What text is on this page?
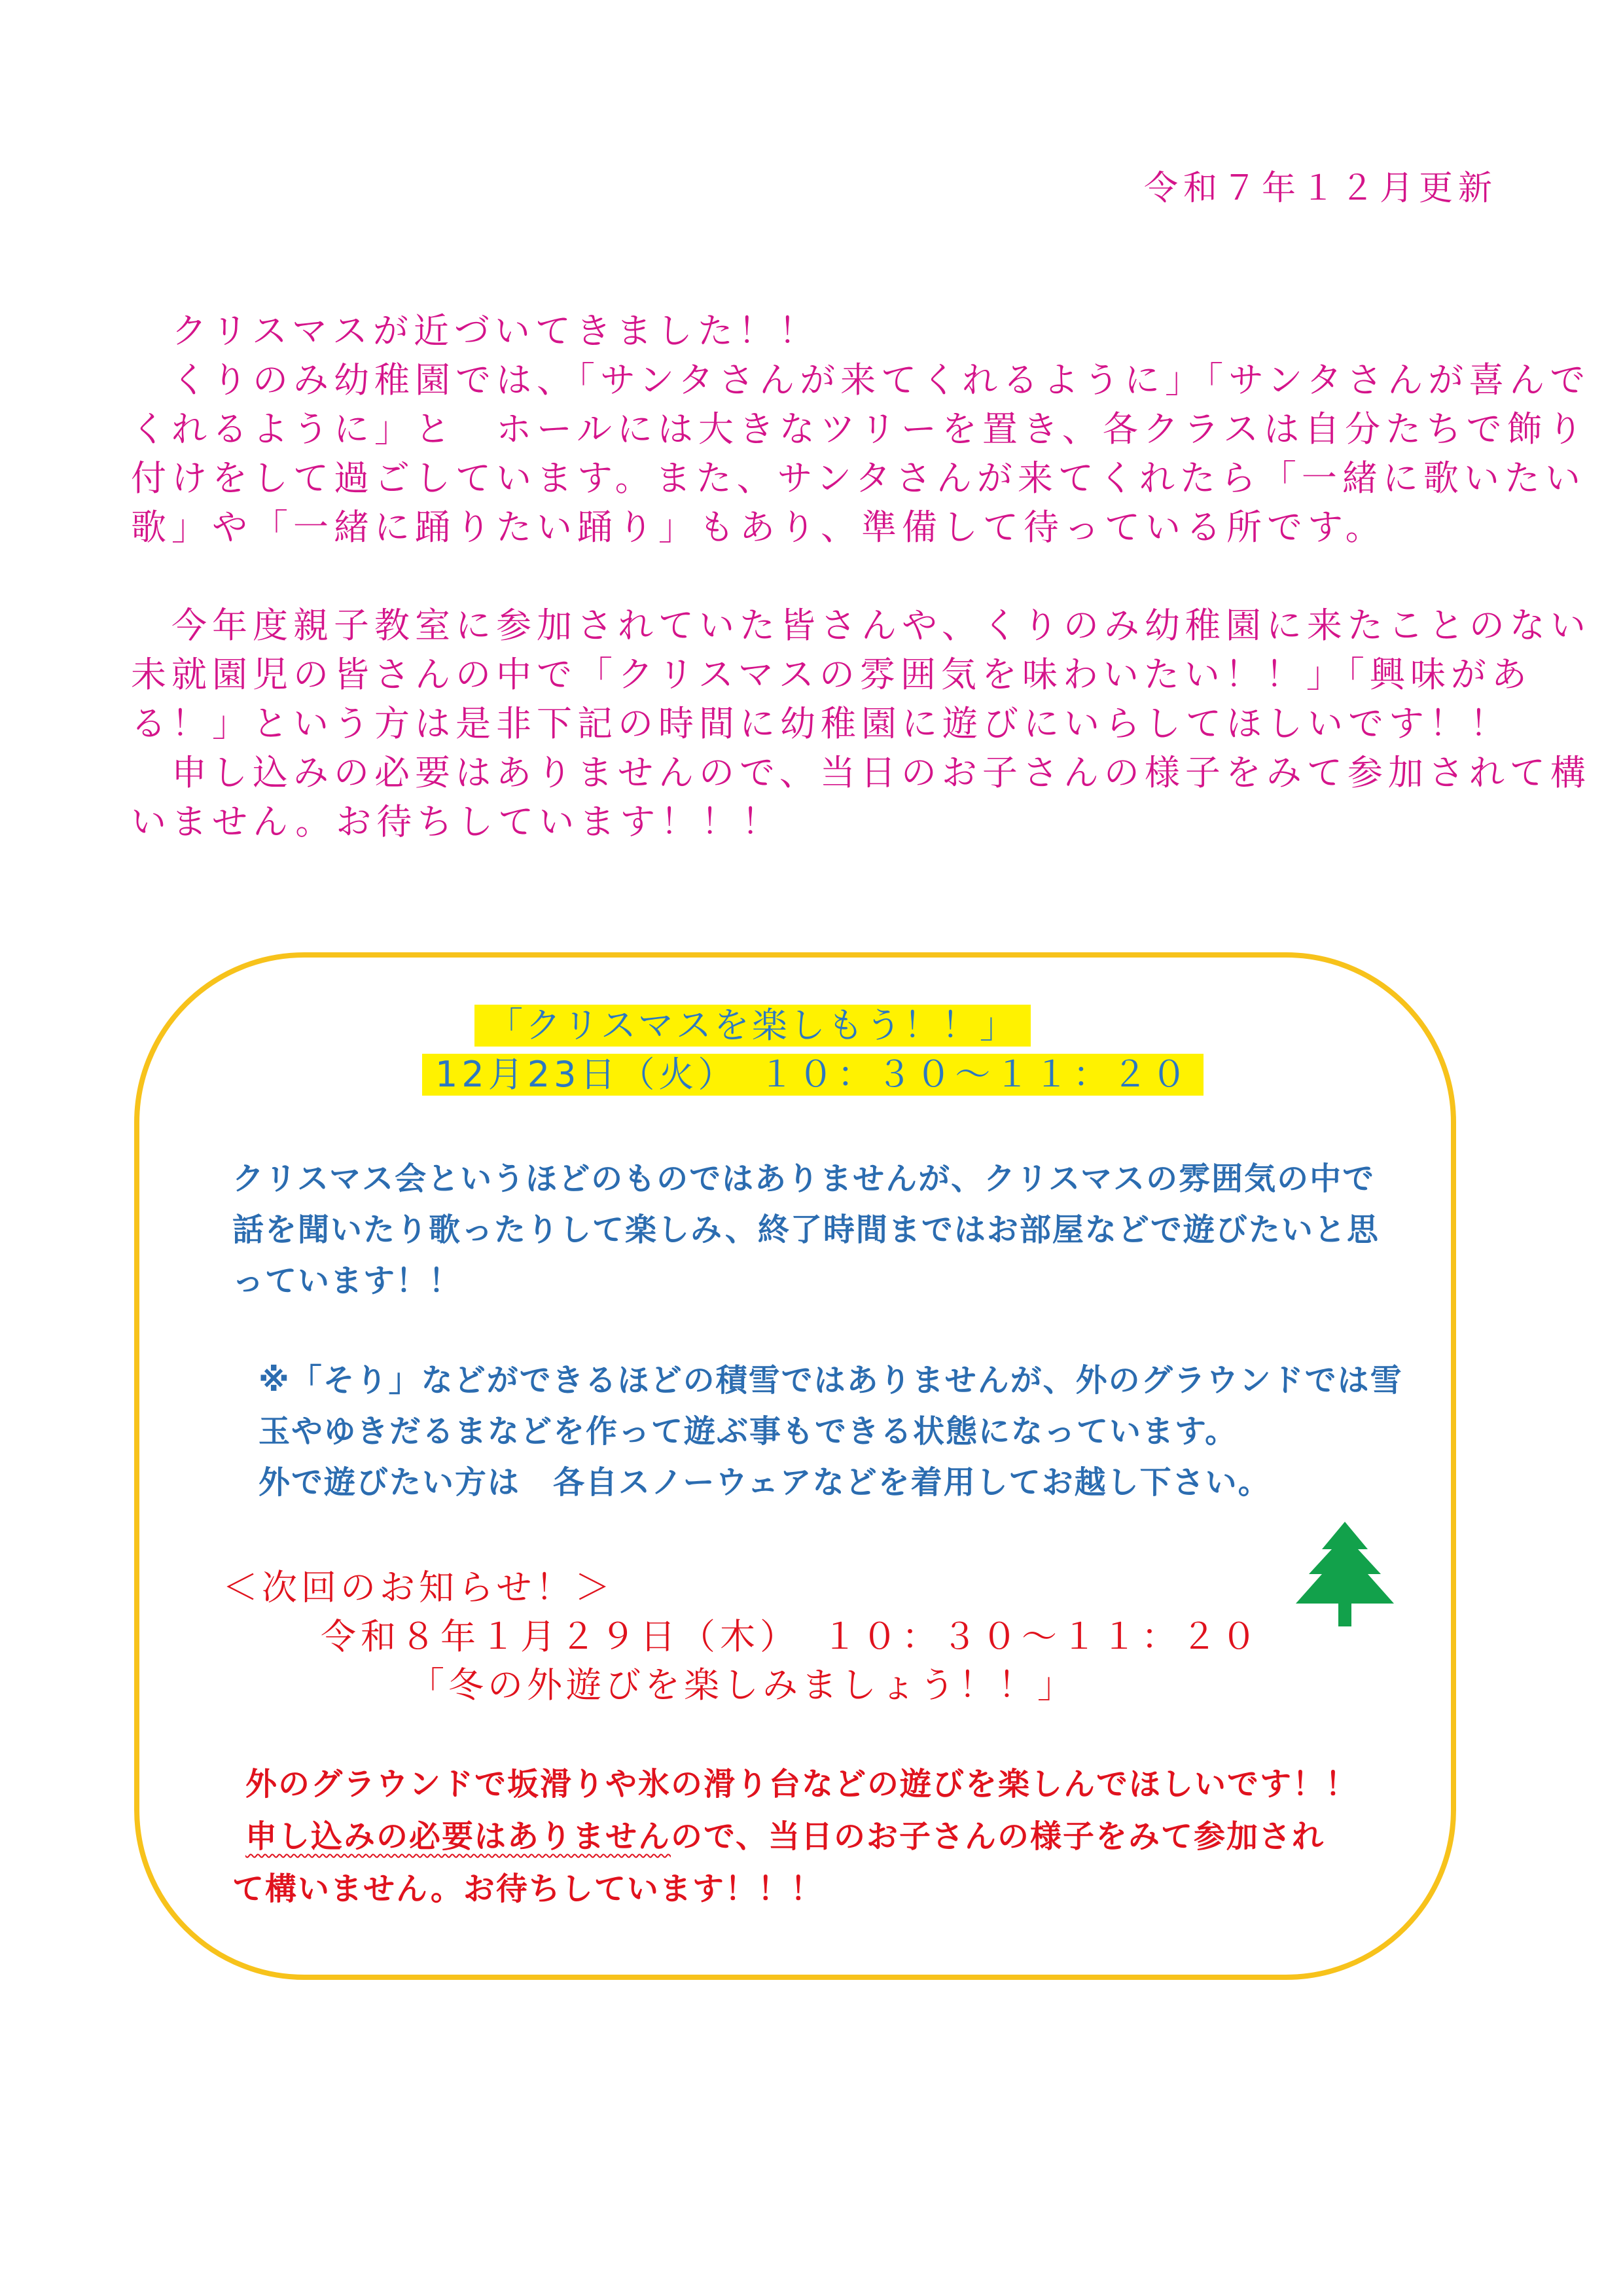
令和７年１２月更新

　クリスマスが近づいてきました！！

　くりのみ幼稚園では、「サンタさんが来てくれるように」「サンタさんが喜んで

くれるように」と　ホールには大きなツリーを置き、各クラスは自分たちで飾り

付けをして過ごしています。また、サンタさんが来てくれたら「一緒に歌いたい

歌」や「一緒に踊りたい踊り」もあり、準備して待っている所です。

　今年度親子教室に参加されていた皆さんや、くりのみ幼稚園に来たことのない

未就園児の皆さんの中で「クリスマスの雰囲気を味わいたい！！」「興味があ

る！」という方は是非下記の時間に幼稚園に遊びにいらしてほしいです！！

　申し込みの必要はありませんので、当日のお子さんの様子をみて参加されて構

いません。お待ちしています！！！

「クリスマスを楽しもう！！」
12月23日（火）　１０：３０～１１：２０

クリスマス会というほどのものではありませんが、クリスマスの雰囲気の中で

話を聞いたり歌ったりして楽しみ、終了時間まではお部屋などで遊びたいと思

っています！！

※「そり」などができるほどの積雪ではありませんが、外のグラウンドでは雪

玉やゆきだるまなどを作って遊ぶ事もできる状態になっています。

外で遊びたい方は　各自スノーウェアなどを着用してお越し下さい。

＜次回のお知らせ！＞
令和８年１月２９日（木）　１０：３０～１１：２０
「冬の外遊びを楽しみましょう！！」

外のグラウンドで坂滑りや氷の滑り台などの遊びを楽しんでほしいです！！

申し込みの必要はありませんので、当日のお子さんの様子をみて参加され

て構いません。お待ちしています！！！
